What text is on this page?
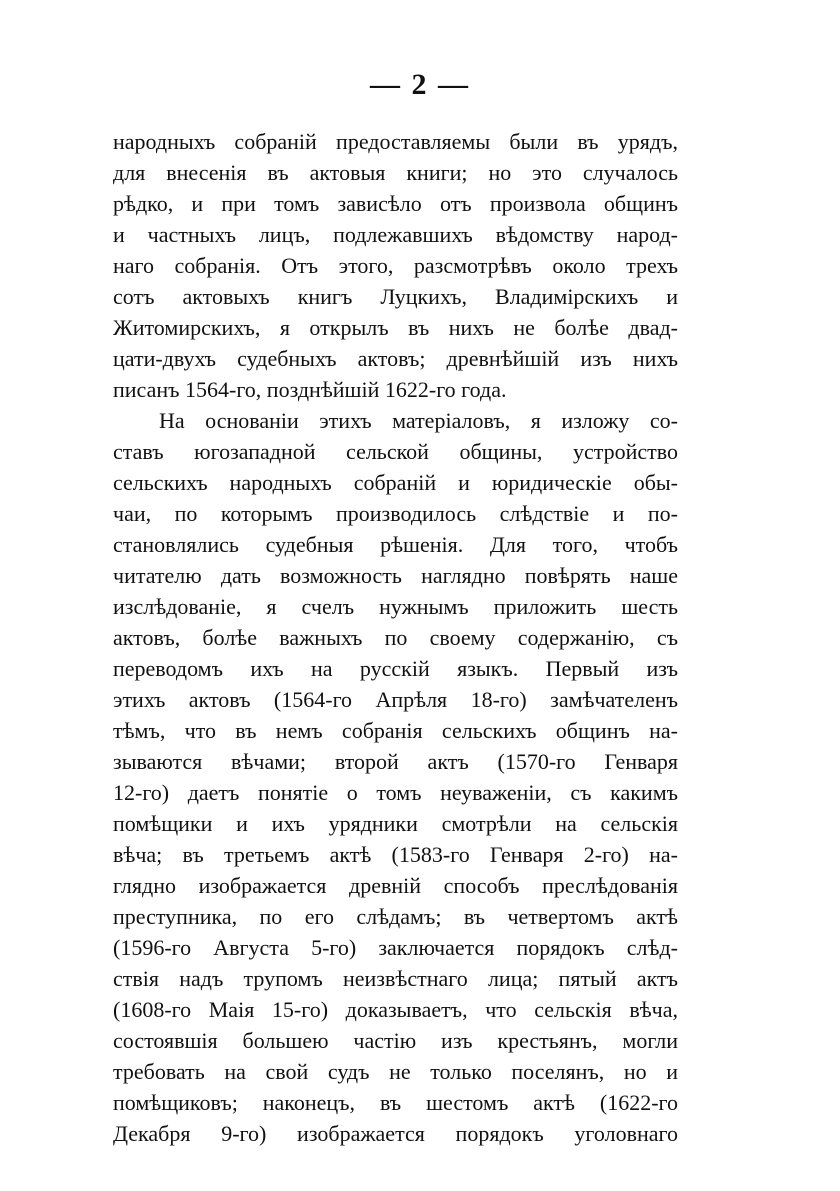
— 2 —
народныхъ собраній предоставляемы были въ урядъ,
для внесенія въ актовыя книги; но это случалось
рѣдко, и при томъ зависѣло отъ произвола общинъ
и частныхъ лицъ, подлежавшихъ вѣдомству народ-
наго собранія. Отъ этого, разсмотрѣвъ около трехъ
сотъ актовыхъ книгъ Луцкихъ, Владимірскихъ и
Житомирскихъ, я открылъ въ нихъ не болѣе двад-
цати-двухъ судебныхъ актовъ; древнѣйшій изъ нихъ
писанъ 1564-го, позднѣйшій 1622-го года.
На основаніи этихъ матеріаловъ, я изложу со-
ставъ югозападной сельской общины, устройство
сельскихъ народныхъ собраній и юридическіе обы-
чаи, по которымъ производилось слѣдствіе и по-
становлялись судебныя рѣшенія. Для того, чтобъ
читателю дать возможность наглядно повѣрять наше
изслѣдованіе, я счелъ нужнымъ приложить шесть
актовъ, болѣе важныхъ по своему содержанію, съ
переводомъ ихъ на русскій языкъ. Первый изъ
этихъ актовъ (1564-го Апрѣля 18-го) замѣчателенъ
тѣмъ, что въ немъ собранія сельскихъ общинъ на-
зываются вѣчами; второй актъ (1570-го Генваря
12-го) даетъ понятіе о томъ неуваженіи, съ какимъ
помѣщики и ихъ урядники смотрѣли на сельскія
вѣча; въ третьемъ актѣ (1583-го Генваря 2-го) на-
глядно изображается древній способъ преслѣдованія
преступника, по его слѣдамъ; въ четвертомъ актѣ
(1596-го Августа 5-го) заключается порядокъ слѣд-
ствія надъ трупомъ неизвѣстнаго лица; пятый актъ
(1608-го Маія 15-го) доказываетъ, что сельскія вѣча,
состоявшія большею частію изъ крестьянъ, могли
требовать на свой судъ не только поселянъ, но и
помѣщиковъ; наконецъ, въ шестомъ актѣ (1622-го
Декабря 9-го) изображается порядокъ уголовнаго
